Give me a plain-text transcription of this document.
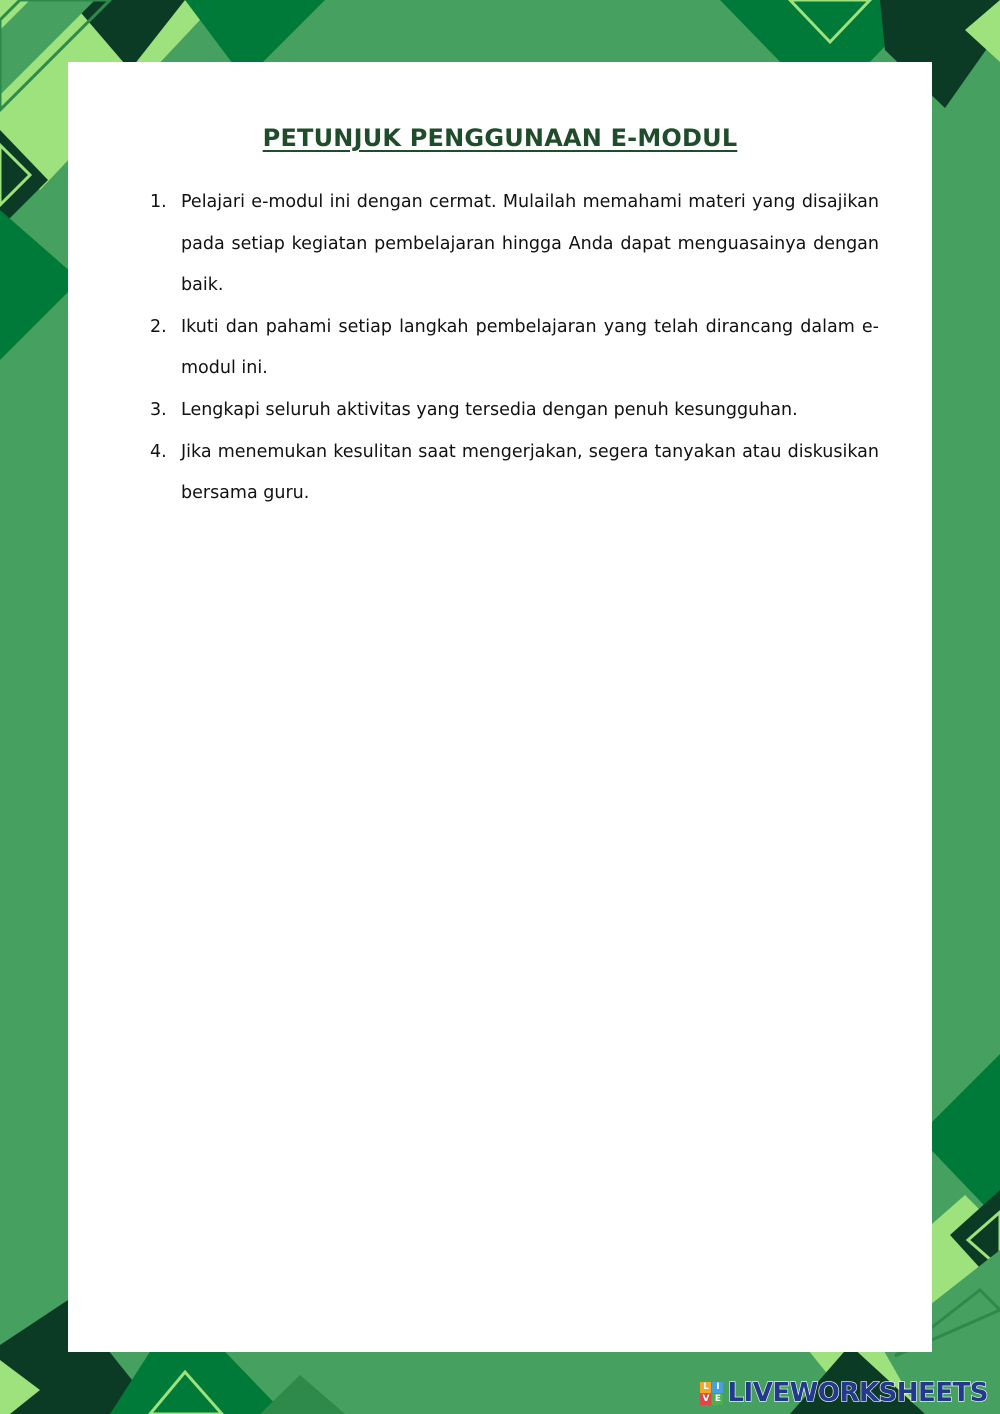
PETUNJUK PENGGUNAAN E-MODUL
1. Pelajari e-modul ini dengan cermat. Mulailah memahami materi yang disajikan pada setiap kegiatan pembelajaran hingga Anda dapat menguasainya dengan baik.
2. Ikuti dan pahami setiap langkah pembelajaran yang telah dirancang dalam e-modul ini.
3. Lengkapi seluruh aktivitas yang tersedia dengan penuh kesungguhan.
4. Jika menemukan kesulitan saat mengerjakan, segera tanyakan atau diskusikan bersama guru.
L I
V E LIVEWORKSHEETS
